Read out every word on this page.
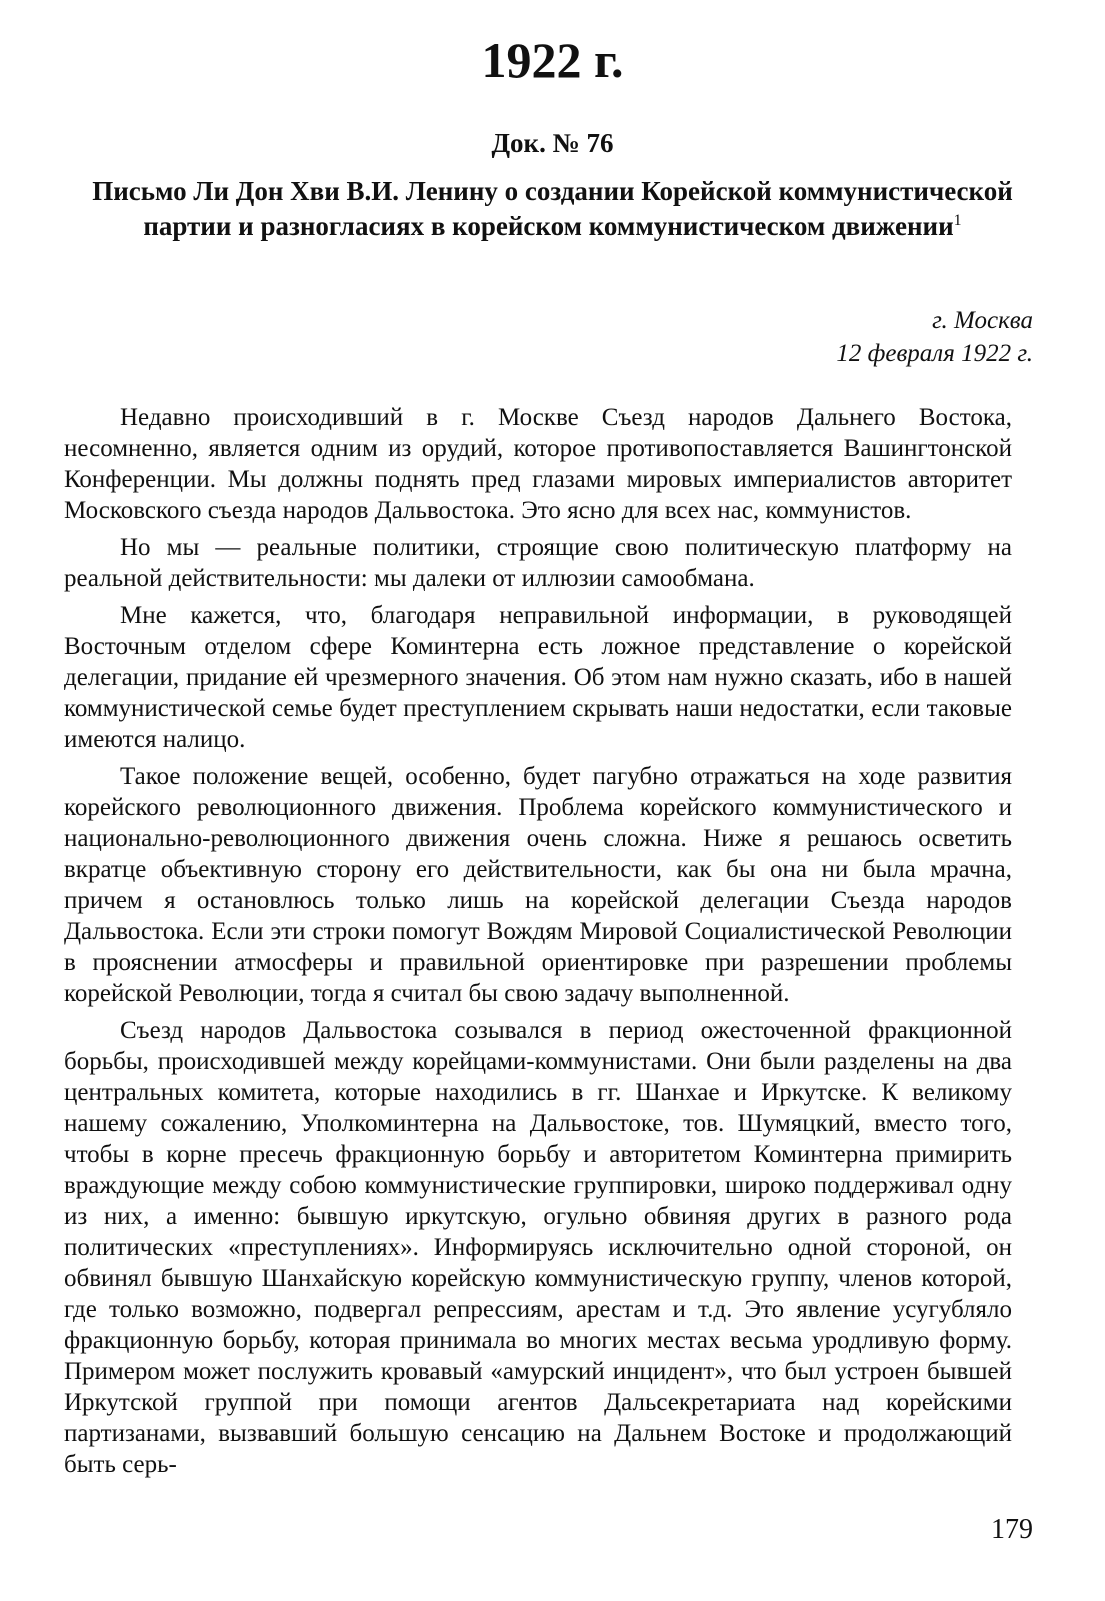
1922 г.
Док. № 76
Письмо Ли Дон Хви В.И. Ленину о создании Корейской коммунистической партии и разногласиях в корейском коммунистическом движении$^1$
г. Москва
12 февраля 1922 г.

Недавно происходивший в г. Москве Съезд народов Дальнего Востока, несомненно, является одним из орудий, которое противопоставляется Вашингтонской Конференции. Мы должны поднять пред глазами мировых империалистов авторитет Московского съезда народов Дальвостока. Это ясно для всех нас, коммунистов.

Но мы — реальные политики, строящие свою политическую платформу на реальной действительности: мы далеки от иллюзии самообмана.

Мне кажется, что, благодаря неправильной информации, в руководящей Восточным отделом сфере Коминтерна есть ложное представление о корейской делегации, придание ей чрезмерного значения. Об этом нам нужно сказать, ибо в нашей коммунистической семье будет преступлением скрывать наши недостатки, если таковые имеются налицо.

Такое положение вещей, особенно, будет пагубно отражаться на ходе развития корейского революционного движения. Проблема корейского коммунистического и национально-революционного движения очень сложна. Ниже я решаюсь осветить вкратце объективную сторону его действительности, как бы она ни была мрачна, причем я остановлюсь только лишь на корейской делегации Съезда народов Дальвостока. Если эти строки помогут Вождям Мировой Социалистической Революции в прояснении атмосферы и правильной ориентировке при разрешении проблемы корейской Революции, тогда я считал бы свою задачу выполненной.

Съезд народов Дальвостока созывался в период ожесточенной фракционной борьбы, происходившей между корейцами-коммунистами. Они были разделены на два центральных комитета, которые находились в гг. Шанхае и Иркутске. К великому нашему сожалению, Уполкоминтерна на Дальвостоке, тов. Шумяцкий, вместо того, чтобы в корне пресечь фракционную борьбу и авторитетом Коминтерна примирить враждующие между собою коммунистические группировки, широко поддерживал одну из них, а именно: бывшую иркутскую, огульно обвиняя других в разного рода политических «преступлениях». Информируясь исключительно одной стороной, он обвинял бывшую Шанхайскую корейскую коммунистическую группу, членов которой, где только возможно, подвергал репрессиям, арестам и т.д. Это явление усугубляло фракционную борьбу, которая принимала во многих местах весьма уродливую форму. Примером может послужить кровавый «амурский инцидент», что был устроен бывшей Иркутской группой при помощи агентов Дальсекретариата над корейскими партизанами, вызвавший большую сенсацию на Дальнем Востоке и продолжающий быть серь-

179
